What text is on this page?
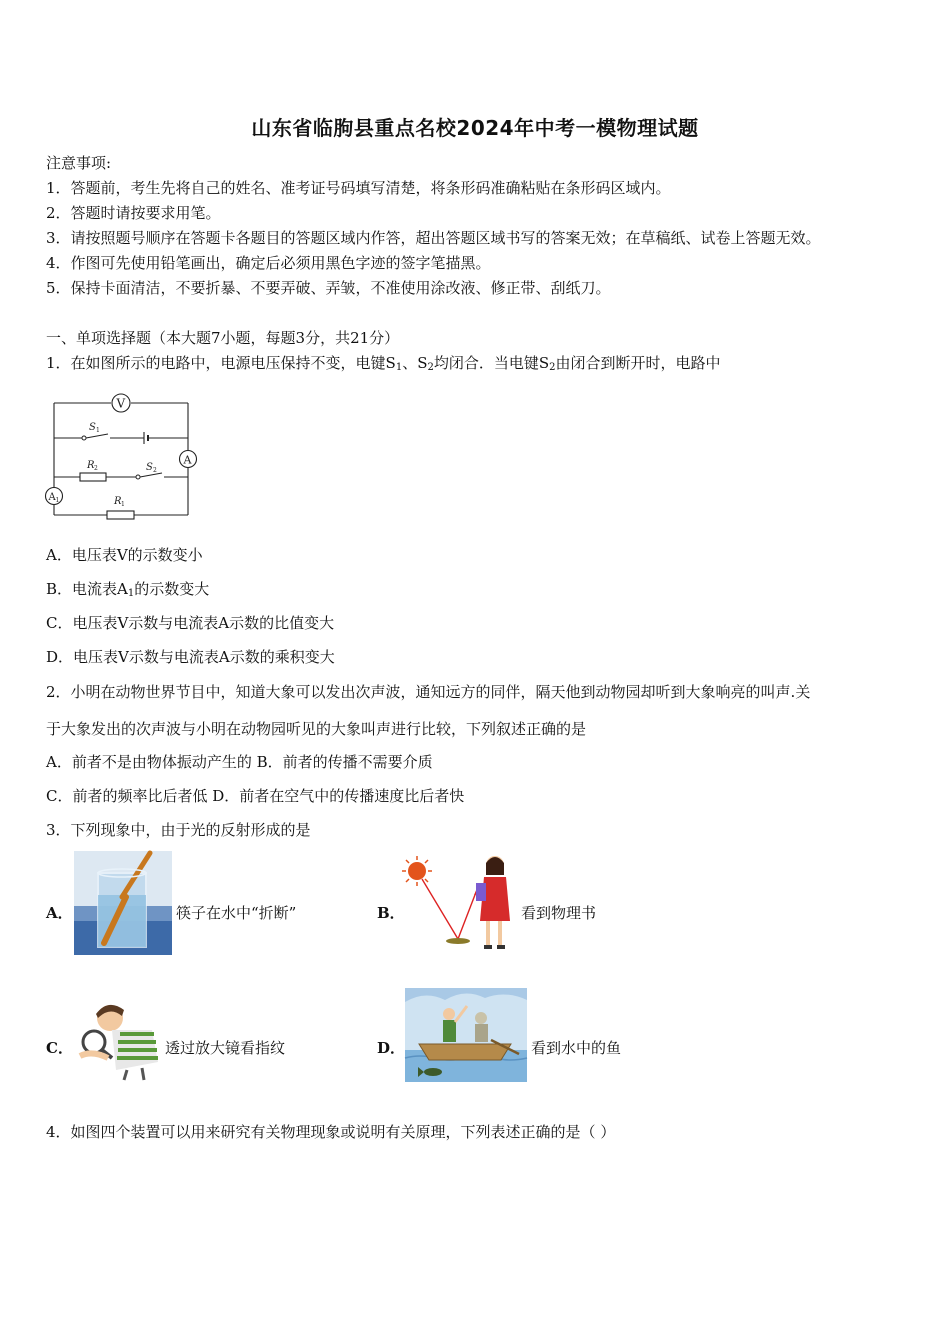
山东省临朐县重点名校2024年中考一模物理试题
注意事项:
1．答题前，考生先将自己的姓名、准考证号码填写清楚，将条形码准确粘贴在条形码区域内。
2．答题时请按要求用笔。
3．请按照题号顺序在答题卡各题目的答题区域内作答，超出答题区域书写的答案无效；在草稿纸、试卷上答题无效。
4．作图可先使用铅笔画出，确定后必须用黑色字迹的签字笔描黑。
5．保持卡面清洁，不要折暴、不要弄破、弄皱，不准使用涂改液、修正带、刮纸刀。
一、单项选择题（本大题7小题，每题3分，共21分）
1．在如图所示的电路中，电源电压保持不变，电键$S_1$、$S_2$均闭合．当电键$S_2$由闭合到断开时，电路中
V
A
A 1
S 1
S 2
R 2
R 1
A．电压表V的示数变小
B．电流表$A_1$的示数变大
C．电压表V示数与电流表A示数的比值变大
D．电压表V示数与电流表A示数的乘积变大
2．小明在动物世界节目中，知道大象可以发出次声波，通知远方的同伴，隔天他到动物园却听到大象响亮的叫声.关
于大象发出的次声波与小明在动物园听见的大象叫声进行比较，下列叙述正确的是
A．前者不是由物体振动产生的 B．前者的传播不需要介质
C．前者的频率比后者低 D．前者在空气中的传播速度比后者快
3．下列现象中，由于光的反射形成的是
A．	筷子在水中“折断”	B．	看到物理书
C．	透过放大镜看指纹	D．	看到水中的鱼
4．如图四个装置可以用来研究有关物理现象或说明有关原理，下列表述正确的是（ ）
